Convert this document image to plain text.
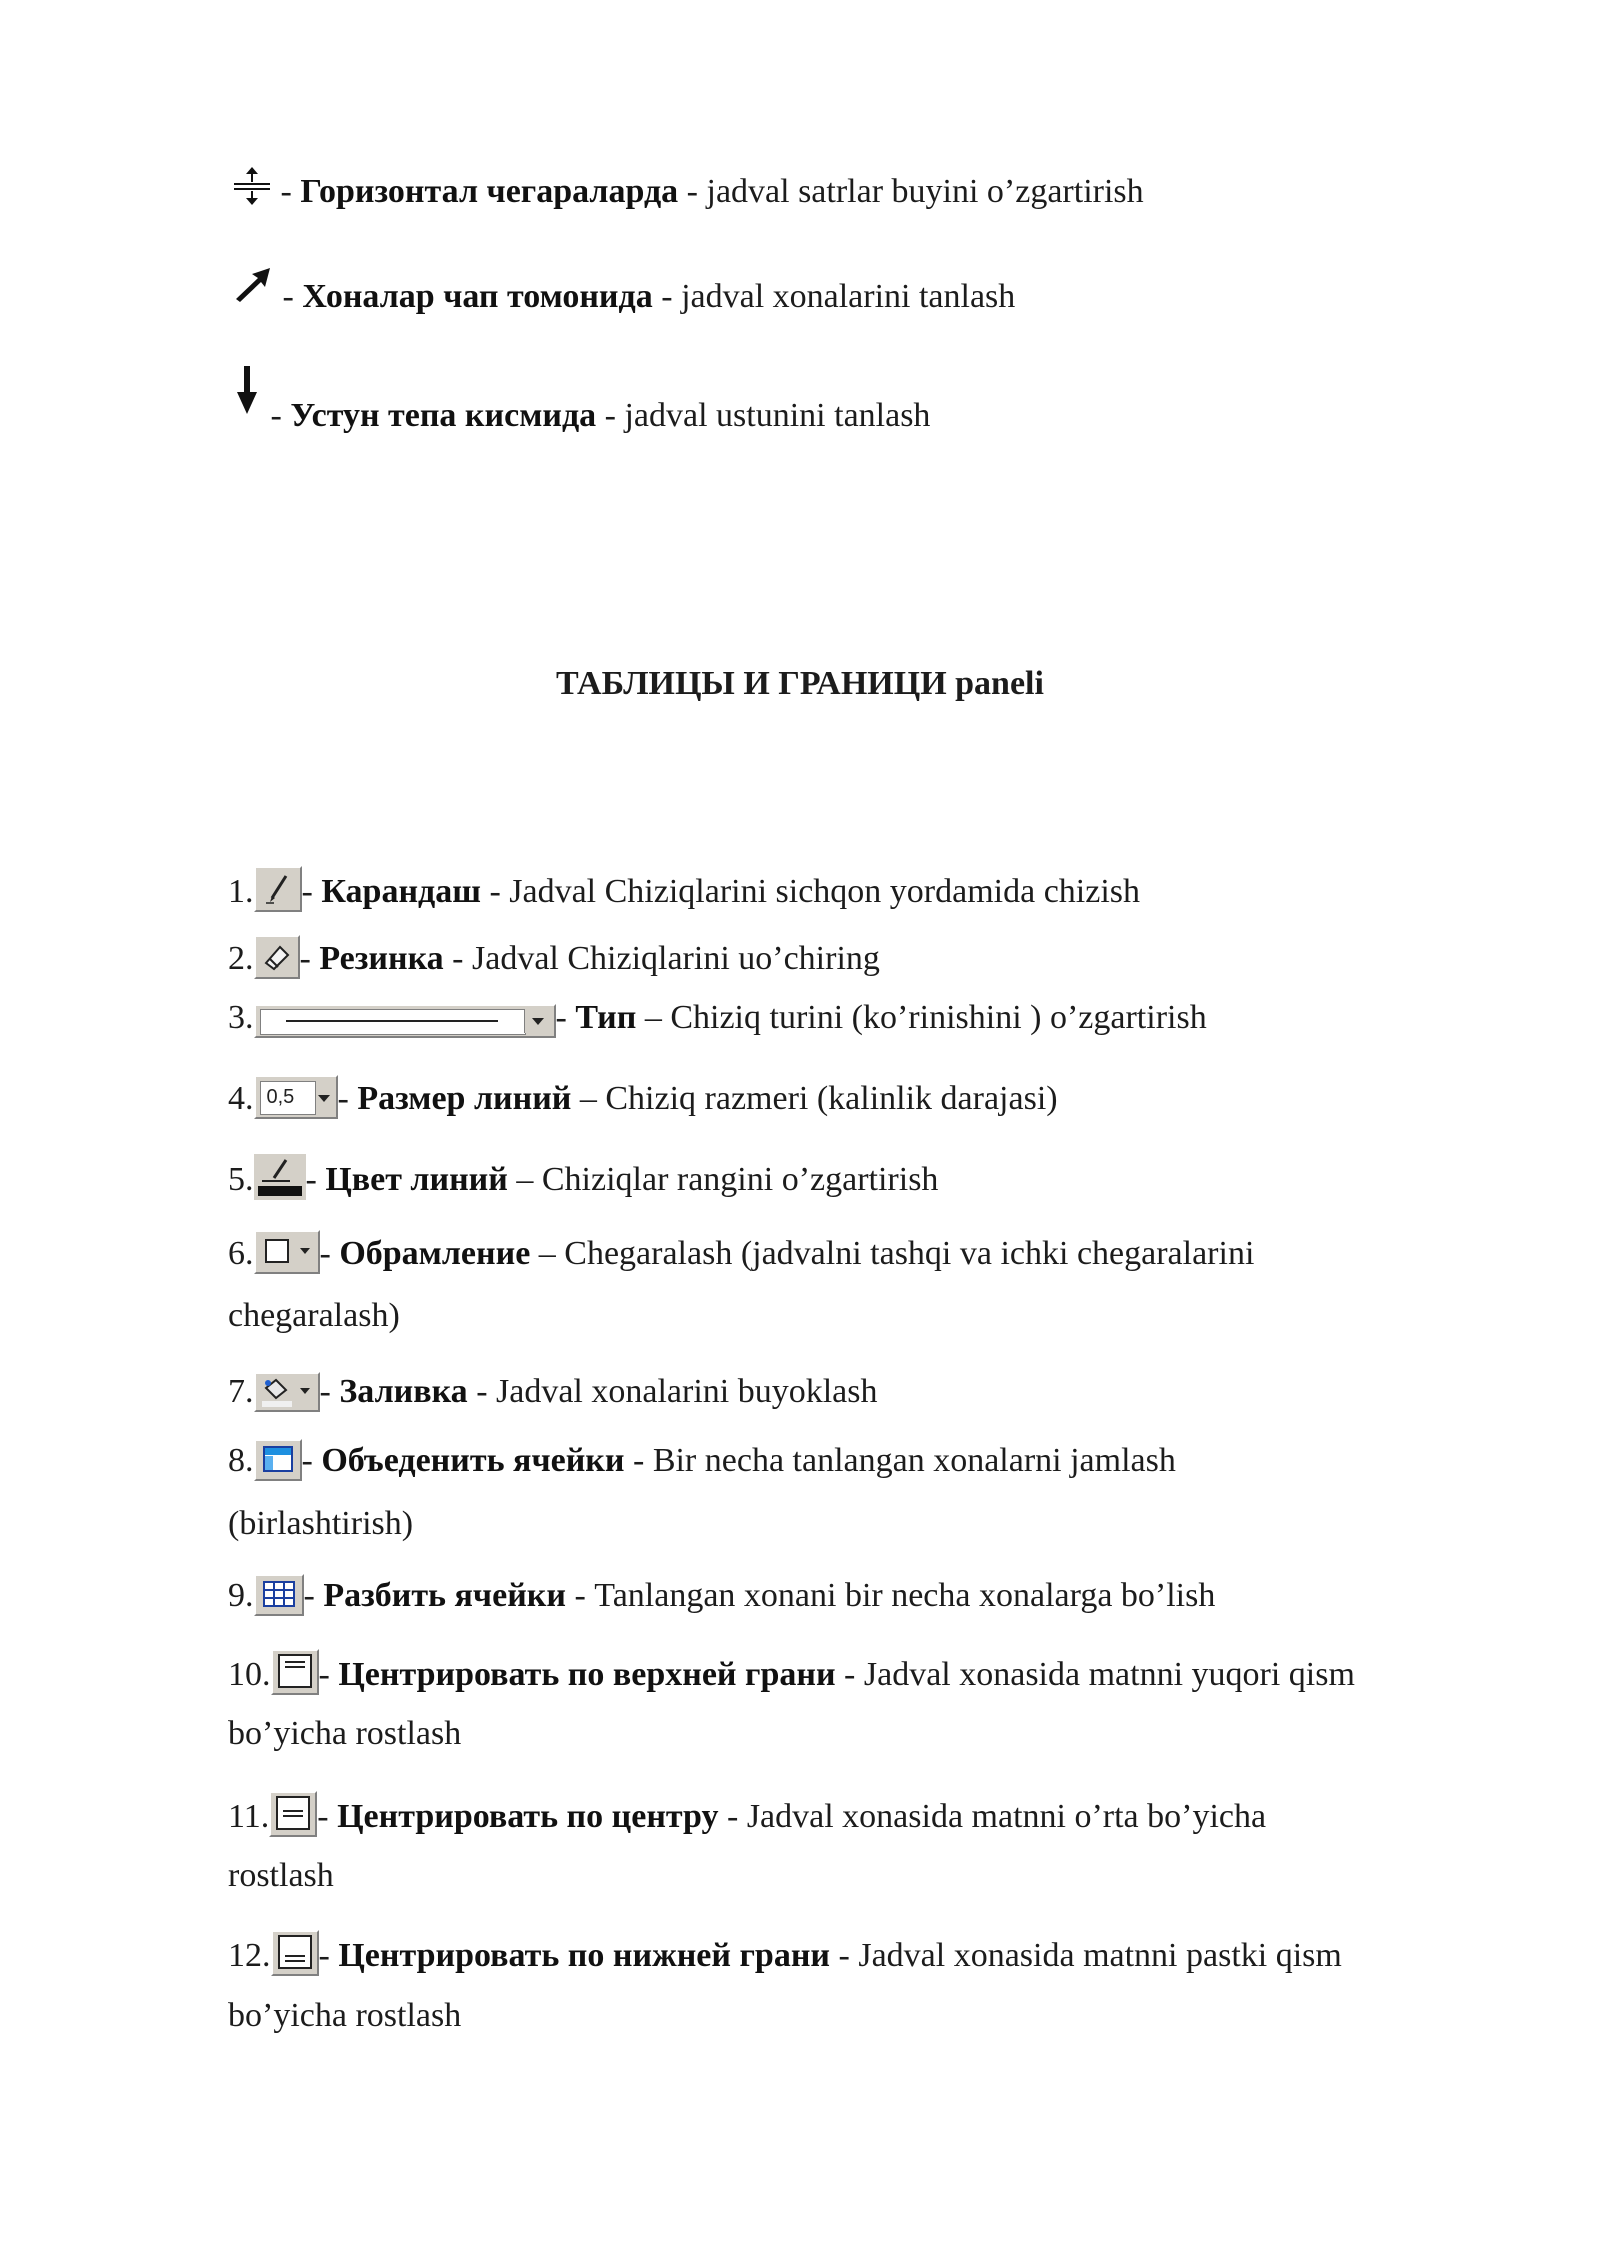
- Горизонтал чегараларда - jadval satrlar buyini o’zgartirish
- Хоналар чап томонида - jadval xonalarini tanlash
- Устун тепа кисмида - jadval ustunini tanlash
ТАБЛИЦЫ И ГРАНИЦИ paneli
1. - Карандаш - Jadval Chiziqlarini sichqon yordamida chizish
2. - Резинка - Jadval Chiziqlarini uo’chiring
3.	- Тип – Chiziq turini (ko’rinishini ) o’zgartirish
4. 0,5	- Размер линий – Chiziq razmeri (kalinlik darajasi)
5. - Цвет линий – Chiziqlar rangini o’zgartirish
6. - Обрамление – Chegaralash (jadvalni tashqi va ichki chegaralarini
chegaralash)
7. - Заливка - Jadval xonalarini buyoklash
8. - Объеденить ячейки - Bir necha tanlangan xonalarni jamlash
(birlashtirish)
9. - Разбить ячейки - Tanlangan xonani bir necha xonalarga bo’lish
10. - Центрировать по верхней грани - Jadval xonasida matnni yuqori qism
bo’yicha rostlash
11. - Центрировать по центру - Jadval xonasida matnni o’rta bo’yicha
rostlash
12. - Центрировать по нижней грани - Jadval xonasida matnni pastki qism
bo’yicha rostlash
